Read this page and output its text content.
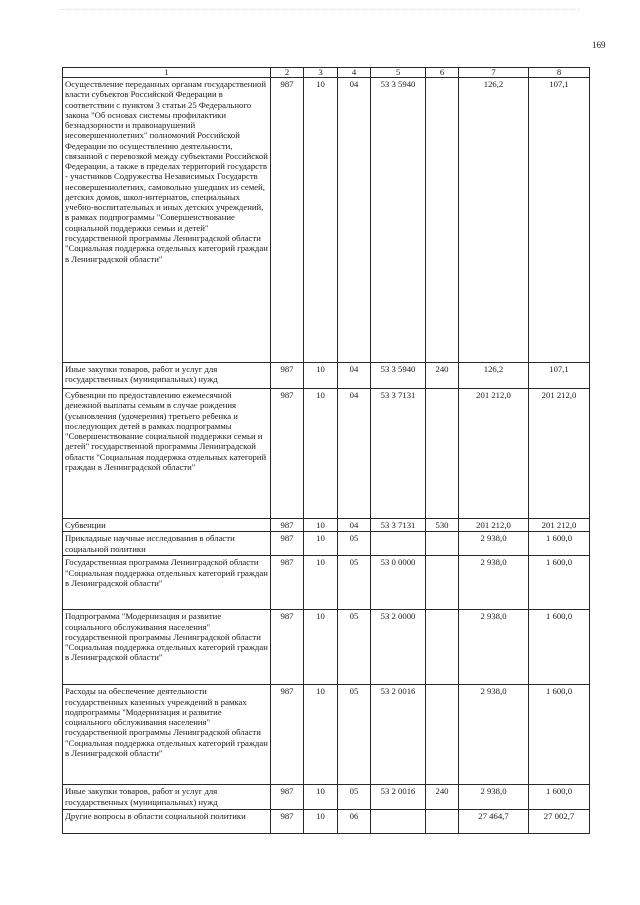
169
1	2	3	4	5	6	7	8
Осуществление переданных органам государственной власти субъектов Российской Федерации в соответствии с пунктом 3 статьи 25 Федерального закона "Об основах системы профилактики безнадзорности и правонарушений несовершеннолетних" полномочий Российской Федерации по осуществлению деятельности, связанной с перевозкой между субъектами Российской Федерации, а также в пределах территорий государств - участников Содружества Независимых Государств несовершеннолетних, самовольно ушедших из семей, детских домов, школ-интернатов, специальных учебно-воспитательных и иных детских учреждений, в рамках подпрограммы "Совершенствование социальной поддержки семьи и детей" государственной программы Ленинградской области "Социальная поддержка отдельных категорий граждан в Ленинградской области"	987	10	04	53 3 5940		126,2	107,1
Иные закупки товаров, работ и услуг для государственных (муниципальных) нужд	987	10	04	53 3 5940	240	126,2	107,1
Субвенции по предоставлению ежемесячной денежной выплаты семьям в случае рождения (усыновления (удочерения) третьего ребенка и последующих детей в рамках подпрограммы "Совершенствование социальной поддержки семьи и детей" государственной программы Ленинградской области "Социальная поддержка отдельных категорий граждан в Ленинградской области"	987	10	04	53 3 7131		201 212,0	201 212,0
Субвенции	987	10	04	53 3 7131	530	201 212,0	201 212,0
Прикладные научные исследования в области социальной политики	987	10	05			2 938,0	1 600,0
Государственная программа Ленинградской области "Социальная поддержка отдельных категорий граждан в Ленинградской области"	987	10	05	53 0 0000		2 938,0	1 600,0
Подпрограмма "Модернизация и развитие социального обслуживания населения" государственной программы Ленинградской области "Социальная поддержка отдельных категорий граждан в Ленинградской области"	987	10	05	53 2 0000		2 938,0	1 600,0
Расходы на обеспечение деятельности государственных казенных учреждений в рамках подпрограммы "Модернизация и развитие социального обслуживания населения" государственной программы Ленинградской области "Социальная поддержка отдельных категорий граждан в Ленинградской области"	987	10	05	53 2 0016		2 938,0	1 600,0
Иные закупки товаров, работ и услуг для государственных (муниципальных) нужд	987	10	05	53 2 0016	240	2 938,0	1 600,0
Другие вопросы в области социальной политики	987	10	06			27 464,7	27 002,7
